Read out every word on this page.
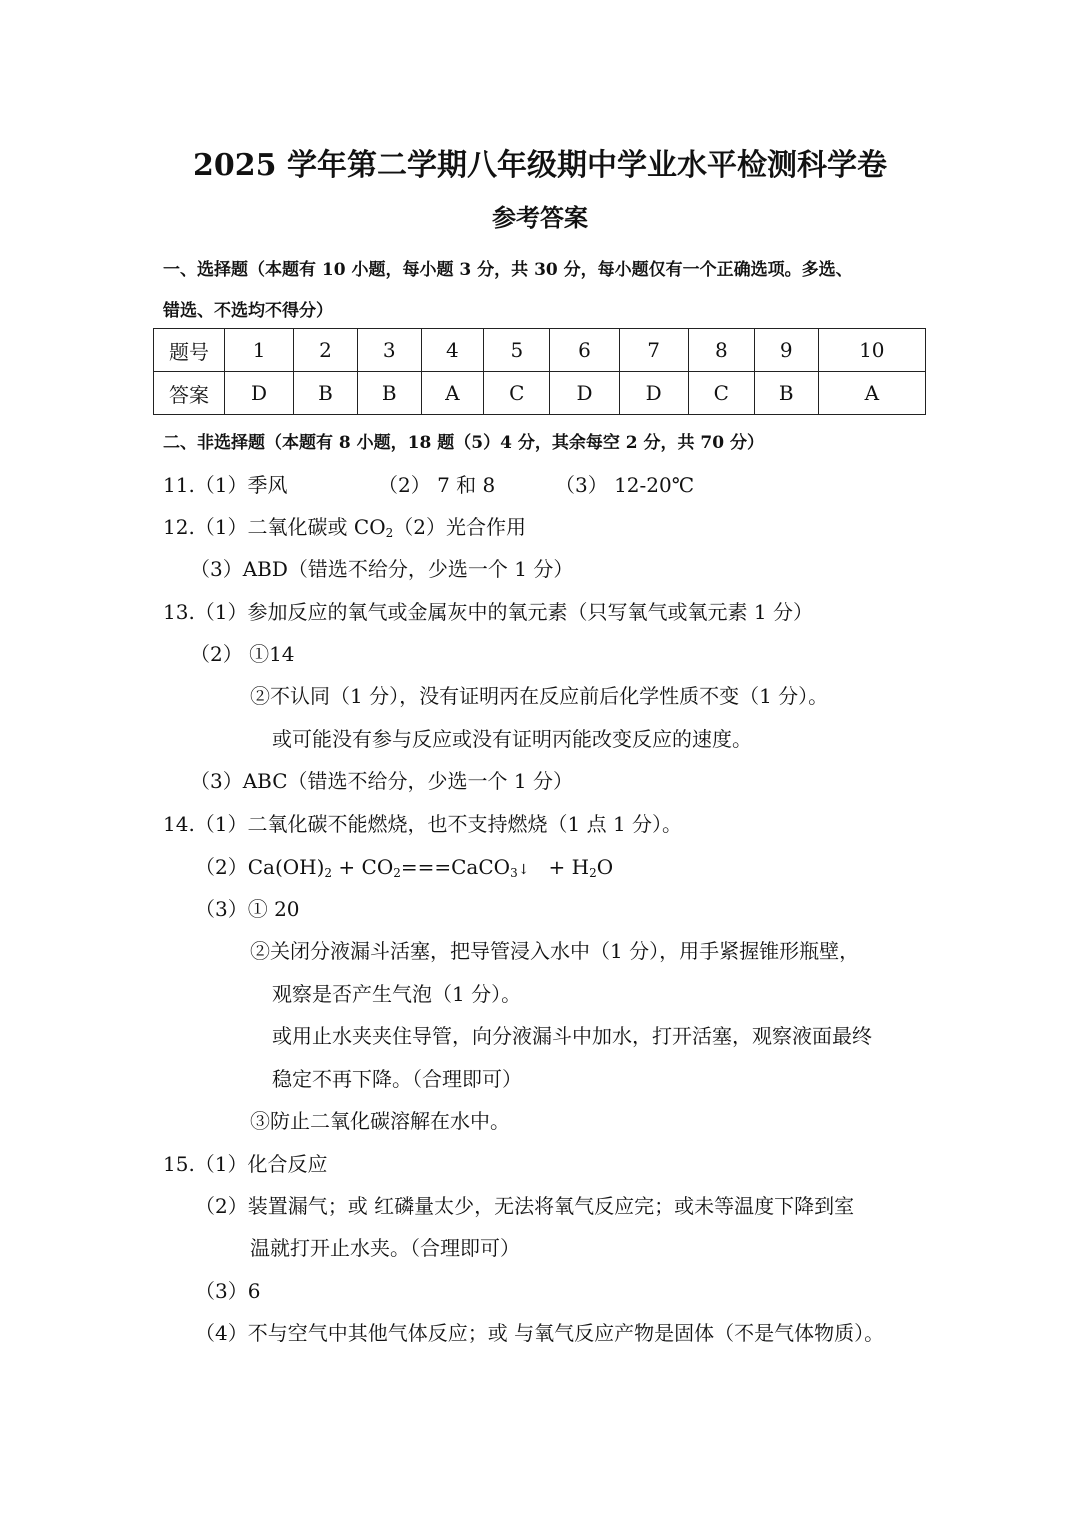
2025 学年第二学期八年级期中学业水平检测科学卷
参考答案
一、选择题（本题有 10 小题，每小题 3 分，共 30 分，每小题仅有一个正确选项。多选、
错选、不选均不得分）
题号	1	2	3	4	5	6	7	8	9	10
答案	D	B	B	A	C	D	D	C	B	A
二、非选择题（本题有 8 小题，18 题（5）4 分，其余每空 2 分，共 70 分）
11.（1）季风	（2） 7 和 8	（3） 12-20℃
12.（1）二氧化碳或 $CO_2(2)$光合作用
（3）ABD（错选不给分，少选一个 1 分）
13.（1）参加反应的氧气或金属灰中的氧元素（只写氧气或氧元素 1 分）
（2） ①14
②不认同（1 分），没有证明丙在反应前后化学性质不变（1 分）。
或可能没有参与反应或没有证明丙能改变反应的速度。
（3）ABC（错选不给分，少选一个 1 分）
14.（1）二氧化碳不能燃烧，也不支持燃烧（1 点 1 分）。
$(2)Ca(OH)_2$ + $CO_2===CaCO_3↓ + H_2O$
（3）① 20
②关闭分液漏斗活塞，把导管浸入水中（1 分），用手紧握锥形瓶壁，
观察是否产生气泡（1 分）。
或用止水夹夹住导管，向分液漏斗中加水，打开活塞，观察液面最终
稳定不再下降。（合理即可）
③防止二氧化碳溶解在水中。
15.（1）化合反应
（2）装置漏气；或 红磷量太少，无法将氧气反应完；或未等温度下降到室
温就打开止水夹。（合理即可）
（3）6
（4）不与空气中其他气体反应；或 与氧气反应产物是固体（不是气体物质）。
